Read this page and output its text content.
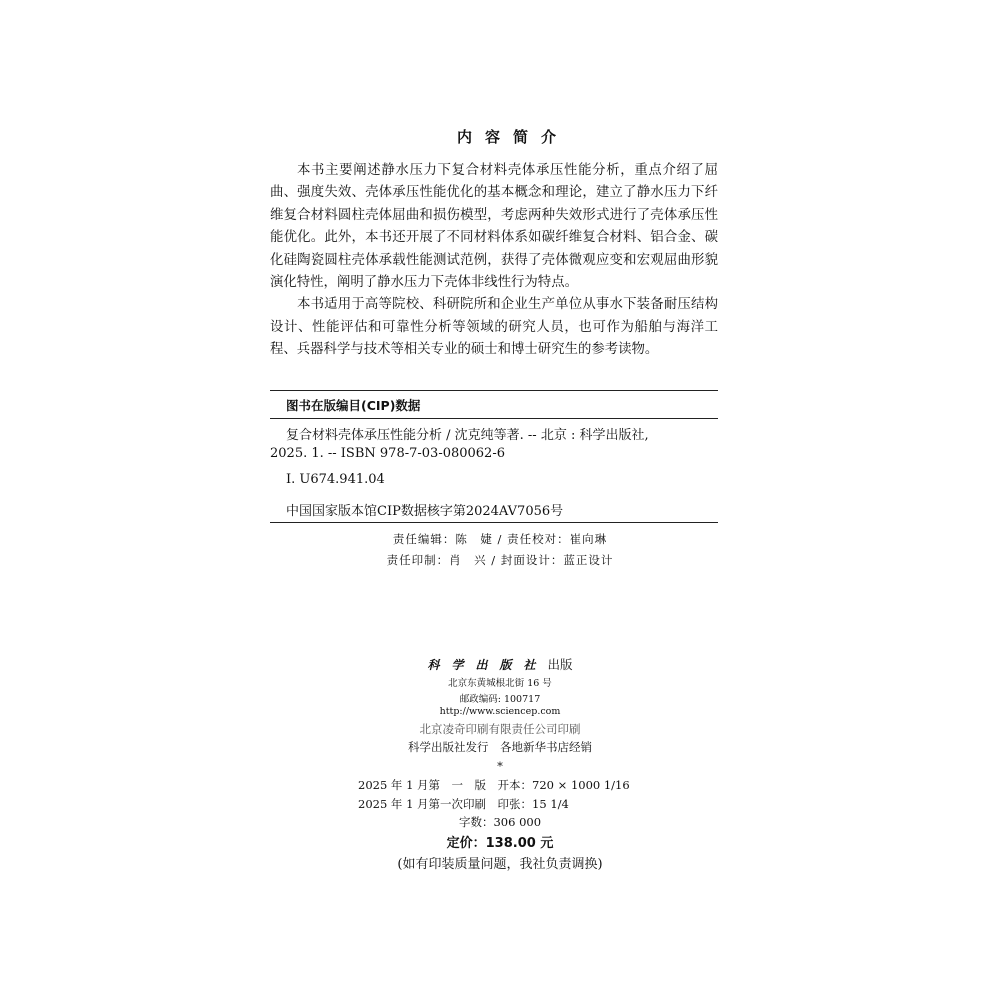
内容简介

本书主要阐述静水压力下复合材料壳体承压性能分析，重点介绍了屈曲、强度失效、壳体承压性能优化的基本概念和理论，建立了静水压力下纤维复合材料圆柱壳体屈曲和损伤模型，考虑两种失效形式进行了壳体承压性能优化。此外，本书还开展了不同材料体系如碳纤维复合材料、铝合金、碳化硅陶瓷圆柱壳体承载性能测试范例，获得了壳体微观应变和宏观屈曲形貌演化特性，阐明了静水压力下壳体非线性行为特点。

本书适用于高等院校、科研院所和企业生产单位从事水下装备耐压结构设计、性能评估和可靠性分析等领域的研究人员，也可作为船舶与海洋工程、兵器科学与技术等相关专业的硕士和博士研究生的参考读物。

图书在版编目(CIP)数据
复合材料壳体承压性能分析 / 沈克纯等著. -- 北京 : 科学出版社,
2025. 1. -- ISBN 978-7-03-080062-6
Ⅰ. U674.941.04
中国国家版本馆CIP数据核字第2024AV7056号
责任编辑：陈　婕 / 责任校对：崔向琳
责任印制：肖　兴 / 封面设计：蓝正设计
科学出版社出版
北京东黄城根北街 16 号
邮政编码: 100717
http://www.sciencep.com
北京凌奇印刷有限责任公司印刷
科学出版社发行　各地新华书店经销
*
2025 年 1 月第　一　版　开本：720 × 1000 1/16
2025 年 1 月第一次印刷　印张：15 1/4
字数：306 000
定价：138.00 元
(如有印装质量问题，我社负责调换)
